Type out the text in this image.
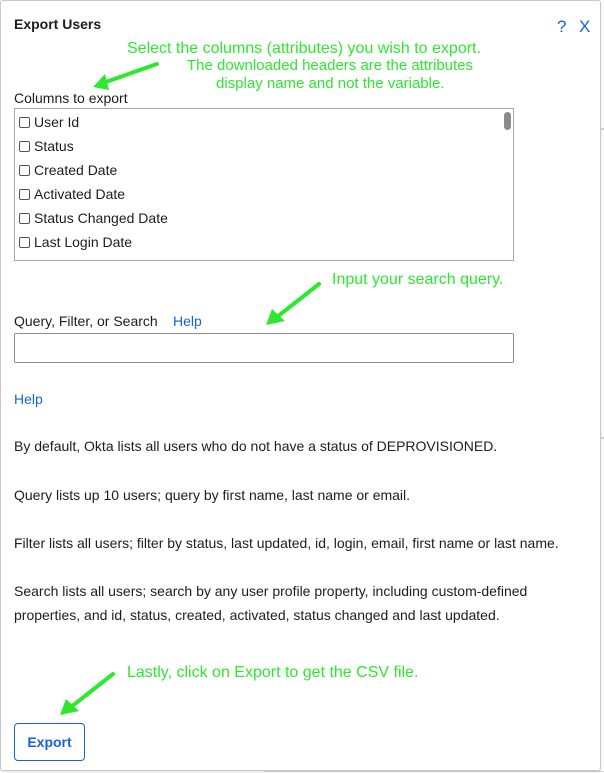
Export Users	? X
Select the columns (attributes) you wish to export.
The downloaded headers are the attributes
display name and not the variable.
Columns to export
User Id
Status
Created Date
Activated Date
Status Changed Date
Last Login Date
Input your search query.
Query, Filter, or Search Help
Help
By default, Okta lists all users who do not have a status of DEPROVISIONED.
Query lists up 10 users; query by first name, last name or email.
Filter lists all users; filter by status, last updated, id, login, email, first name or last name.
Search lists all users; search by any user profile property, including custom-defined
properties, and id, status, created, activated, status changed and last updated.
Lastly, click on Export to get the CSV file.
Export
